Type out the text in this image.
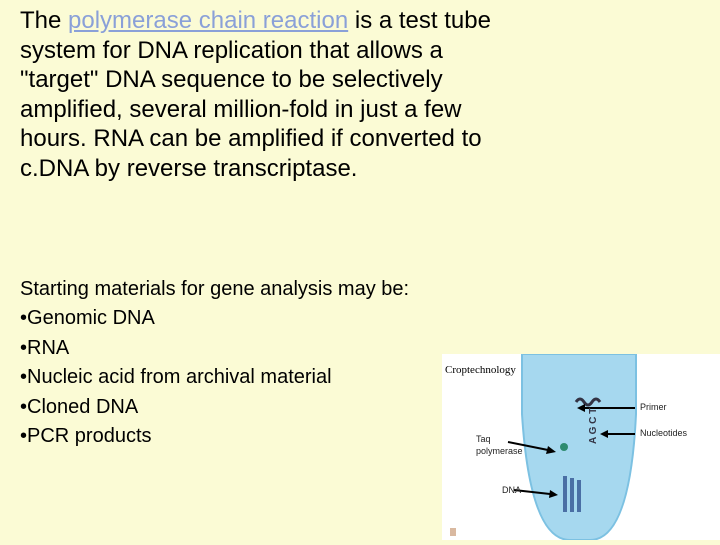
The polymerase chain reaction is a test tube system for DNA replication that allows a "target" DNA sequence to be selectively amplified, several million-fold in just a few hours. RNA can be amplified if converted to c.DNA by reverse transcriptase.

Starting materials for gene analysis may be:

• Genomic DNA
• RNA
• Nucleic acid from archival material
• Cloned DNA
• PCR products
Primer
Nucleotides
Taq
polymerase
DNA
A G C T
Croptechnology
